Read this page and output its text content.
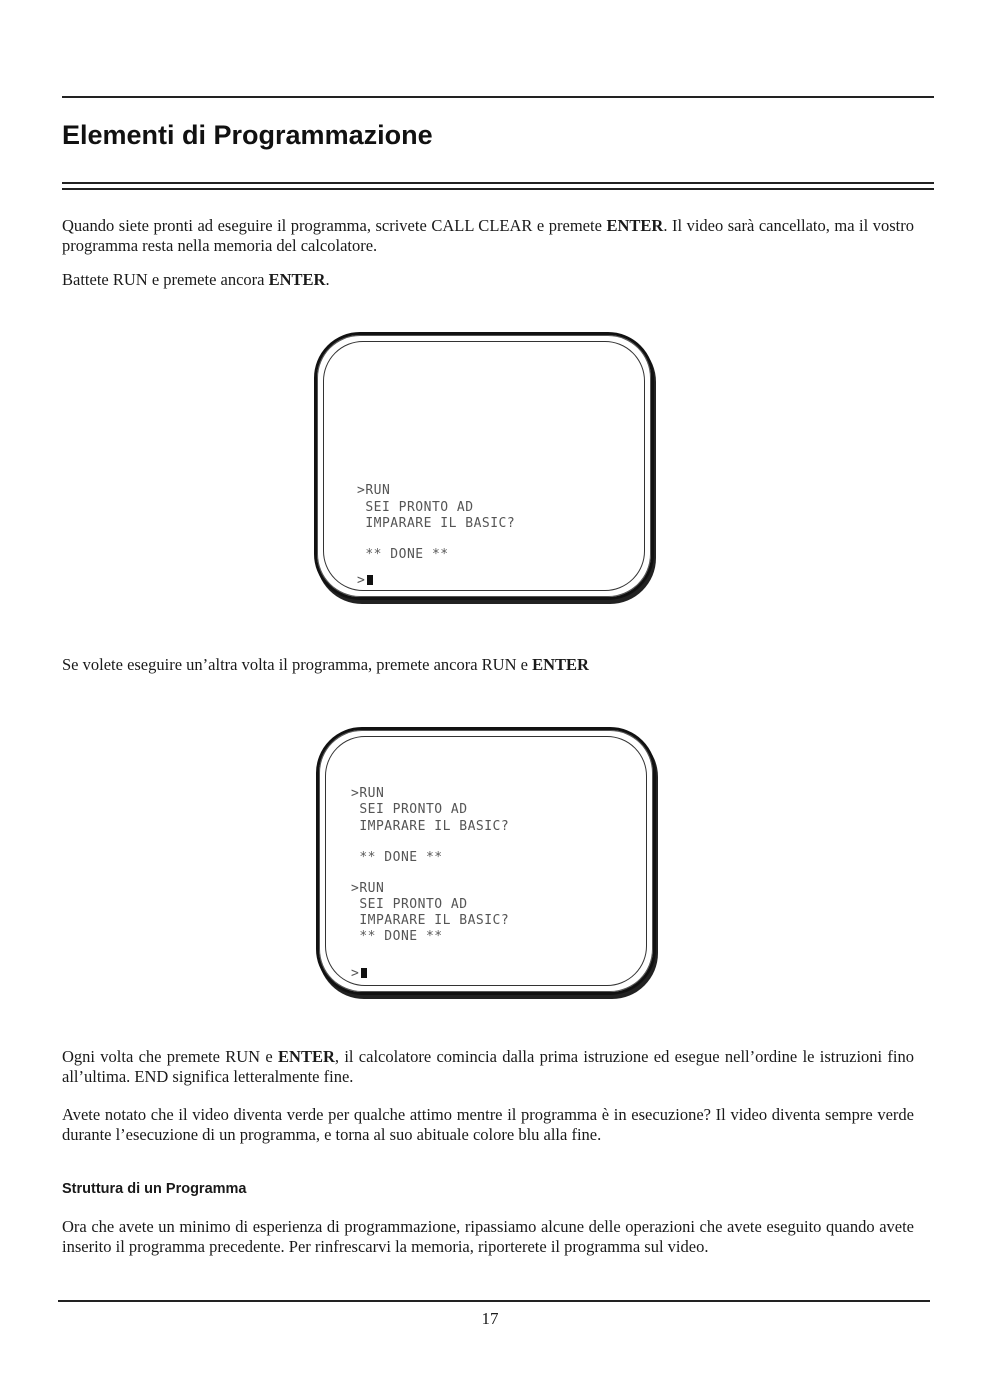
Elementi di Programmazione

Quando siete pronti ad eseguire il programma, scrivete CALL CLEAR e premete ENTER. Il video sarà cancellato, ma il vostro programma resta nella memoria del calcolatore.

Battete RUN e premete ancora ENTER.

>RUN
SEI PRONTO AD
IMPARARE IL BASIC?
** DONE **
>

Se volete eseguire un’altra volta il programma, premete ancora RUN e ENTER

>RUN
SEI PRONTO AD
IMPARARE IL BASIC?
** DONE **
>RUN
SEI PRONTO AD
IMPARARE IL BASIC?
** DONE **
>

Ogni volta che premete RUN e ENTER, il calcolatore comincia dalla prima istruzione ed esegue nell’ordine le istruzioni fino all’ultima. END significa letteralmente fine.

Avete notato che il video diventa verde per qualche attimo mentre il programma è in esecuzione? Il video diventa sempre verde durante l’esecuzione di un programma, e torna al suo abituale colore blu alla fine.

Struttura di un Programma

Ora che avete un minimo di esperienza di programmazione, ripassiamo alcune delle operazioni che avete eseguito quando avete inserito il programma precedente. Per rinfrescarvi la memoria, riporterete il programma sul video.

17
